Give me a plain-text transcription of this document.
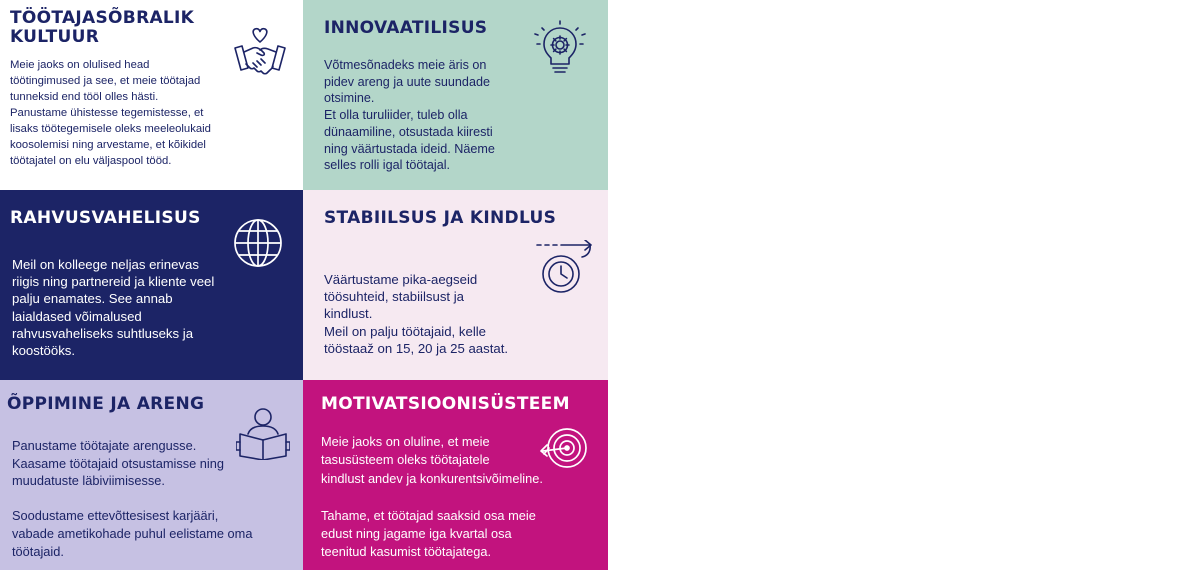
TÖÖTAJASÕBRALIK
KULTUUR
Meie jaoks on olulised head
töötingimused ja see, et meie töötajad
tunneksid end tööl olles hästi.
Panustame ühistesse tegemistesse, et
lisaks töötegemisele oleks meeleolukaid
koosolemisi ning arvestame, et kõikidel
töötajatel on elu väljaspool tööd.
INNOVAATILISUS
Võtmesõnadeks meie äris on
pidev areng ja uute suundade
otsimine.
Et olla turuliider, tuleb olla
dünaamiline, otsustada kiiresti
ning väärtustada ideid. Näeme
selles rolli igal töötajal.
RAHVUSVAHELISUS
Meil on kolleege neljas erinevas
riigis ning partnereid ja kliente veel
palju enamates. See annab
laialdased võimalused
rahvusvaheliseks suhtluseks ja
koostööks.
STABIILSUS JA KINDLUS
Väärtustame pika-aegseid
töösuhteid, stabiilsust ja
kindlust.
Meil on palju töötajaid, kelle
tööstaaž on 15, 20 ja 25 aastat.
ÕPPIMINE JA ARENG
Panustame töötajate arengusse.
Kaasame töötajaid otsustamisse ning
muudatuste läbiviimisesse.

Soodustame ettevõttesisest karjääri,
vabade ametikohade puhul eelistame oma
töötajaid.
MOTIVATSIOONISÜSTEEM
Meie jaoks on oluline, et meie
tasusüsteem oleks töötajatele
kindlust andev ja konkurentsivõimeline.

Tahame, et töötajad saaksid osa meie
edust ning jagame iga kvartal osa
teenitud kasumist töötajatega.
